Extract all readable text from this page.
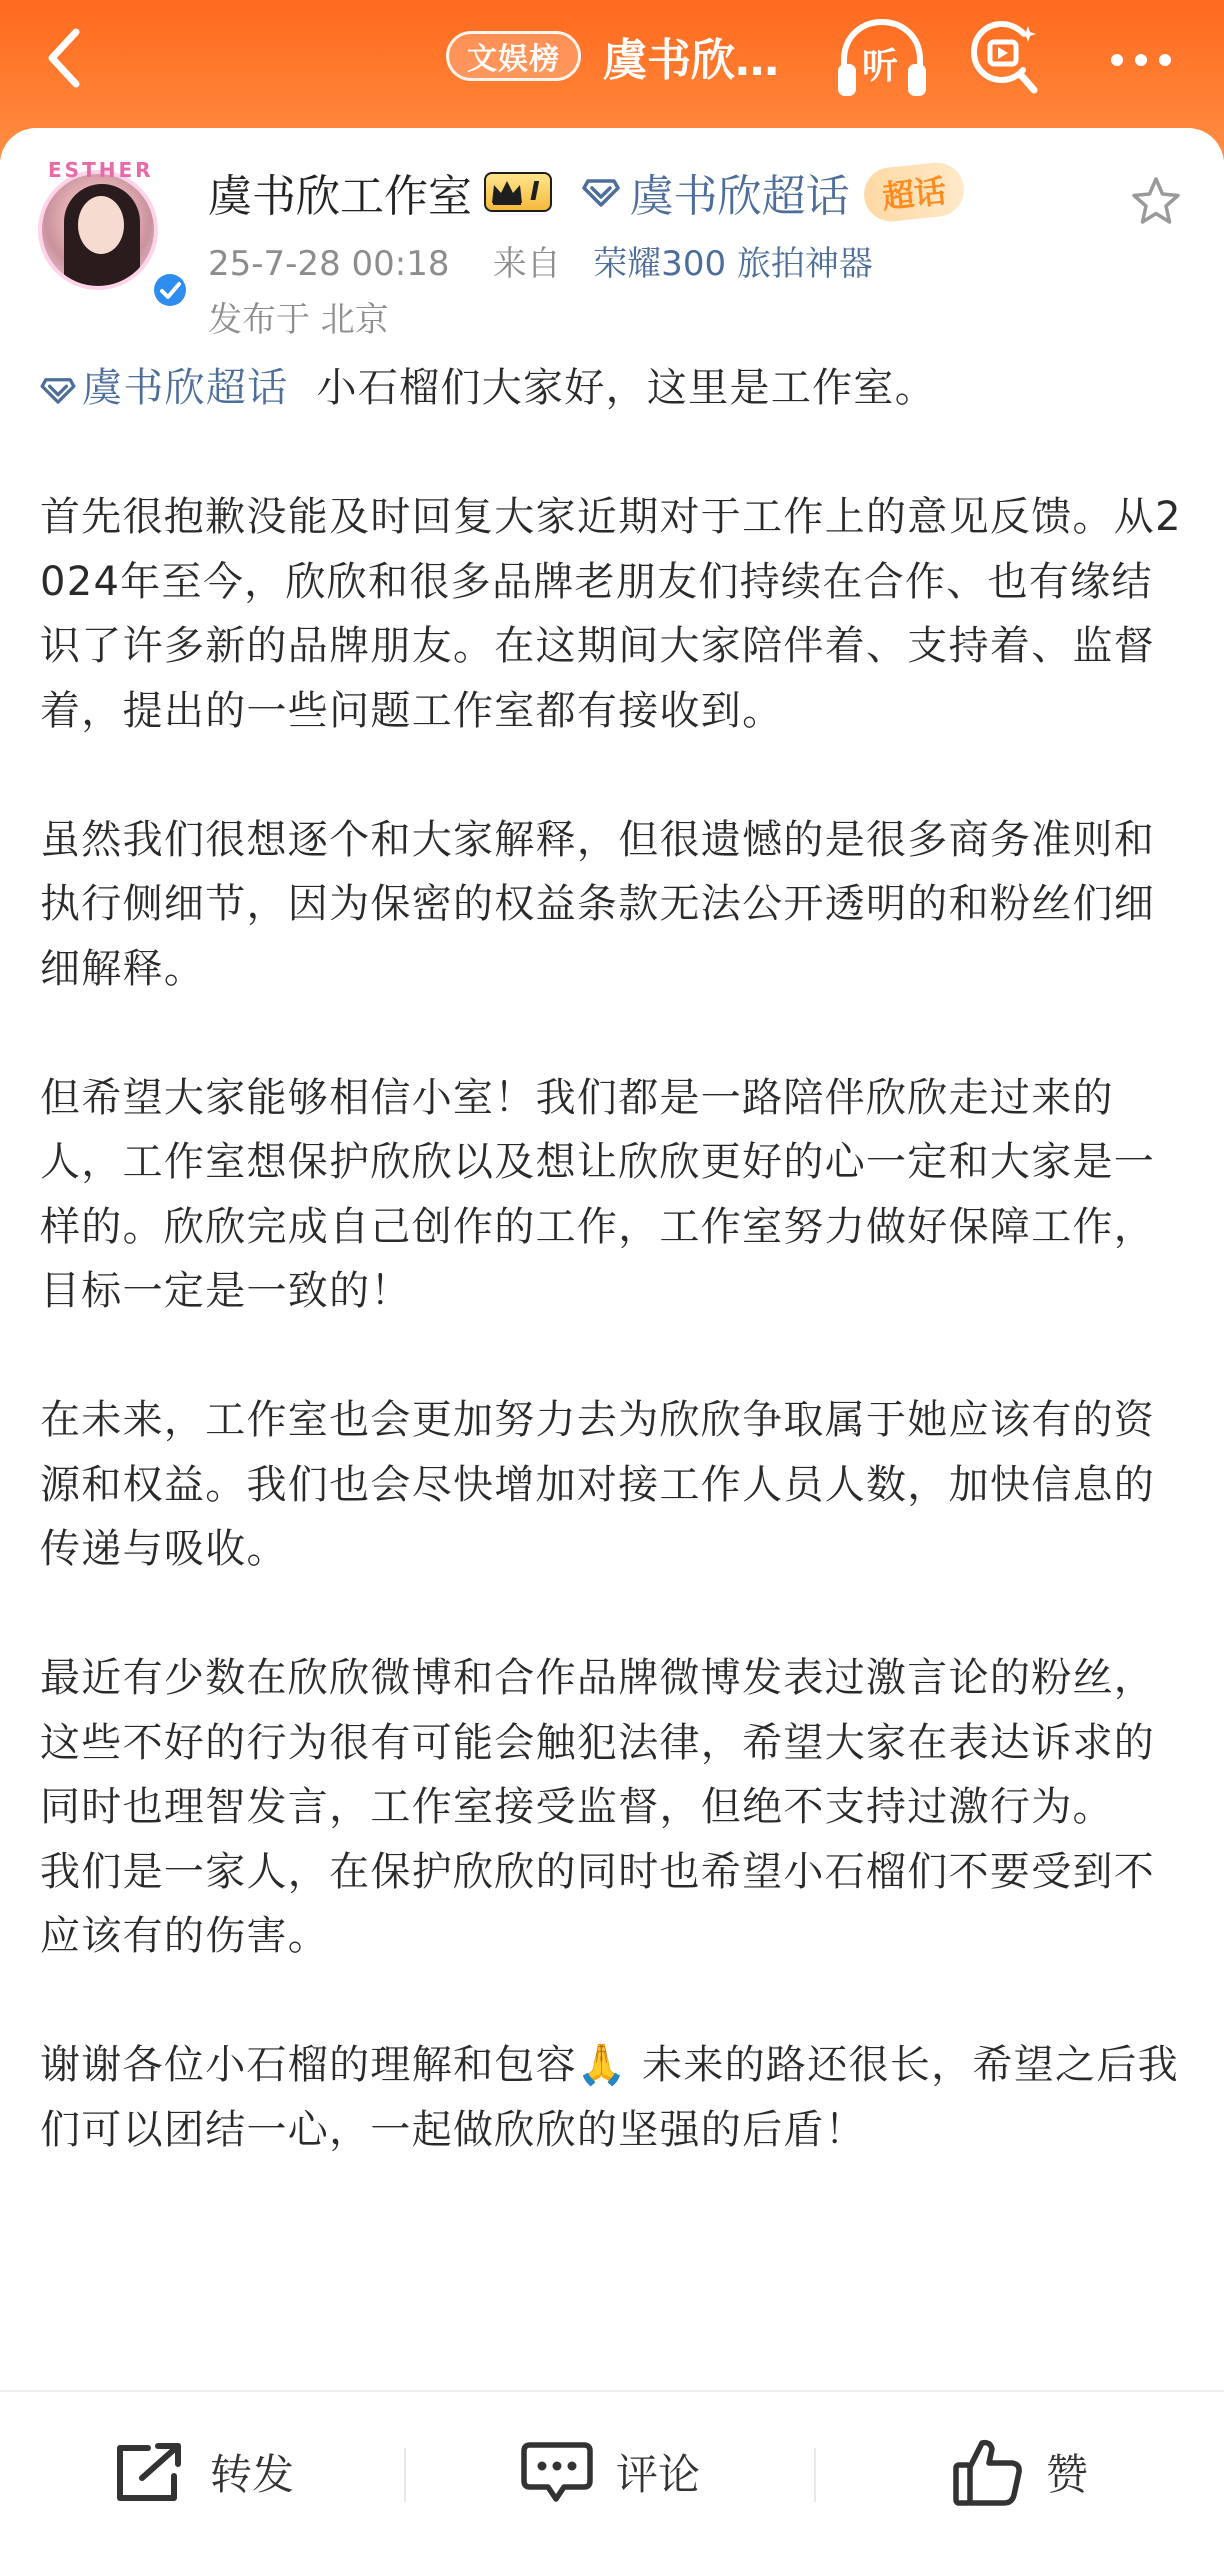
文娱榜 虞书欣… 听
ESTHER
虞书欣工作室 I 虞书欣超话 超话
25-7-28 00:18 来自 荣耀300 旅拍神器
发布于 北京
虞书欣超话 小石榴们大家好，这里是工作室。
首先很抱歉没能及时回复大家近期对于工作上的意见反馈。从2024年至今，欣欣和很多品牌老朋友们持续在合作、也有缘结识了许多新的品牌朋友。在这期间大家陪伴着、支持着、监督着，提出的一些问题工作室都有接收到。
虽然我们很想逐个和大家解释，但很遗憾的是很多商务准则和执行侧细节，因为保密的权益条款无法公开透明的和粉丝们细细解释。
但希望大家能够相信小室！我们都是一路陪伴欣欣走过来的人，工作室想保护欣欣以及想让欣欣更好的心一定和大家是一样的。欣欣完成自己创作的工作，工作室努力做好保障工作，目标一定是一致的！
在未来，工作室也会更加努力去为欣欣争取属于她应该有的资源和权益。我们也会尽快增加对接工作人员人数，加快信息的传递与吸收。
最近有少数在欣欣微博和合作品牌微博发表过激言论的粉丝，这些不好的行为很有可能会触犯法律，希望大家在表达诉求的同时也理智发言，工作室接受监督，但绝不支持过激行为。
我们是一家人，在保护欣欣的同时也希望小石榴们不要受到不应该有的伤害。
谢谢各位小石榴的理解和包容🙏 未来的路还很长，希望之后我们可以团结一心，一起做欣欣的坚强的后盾！
转发	评论	赞
